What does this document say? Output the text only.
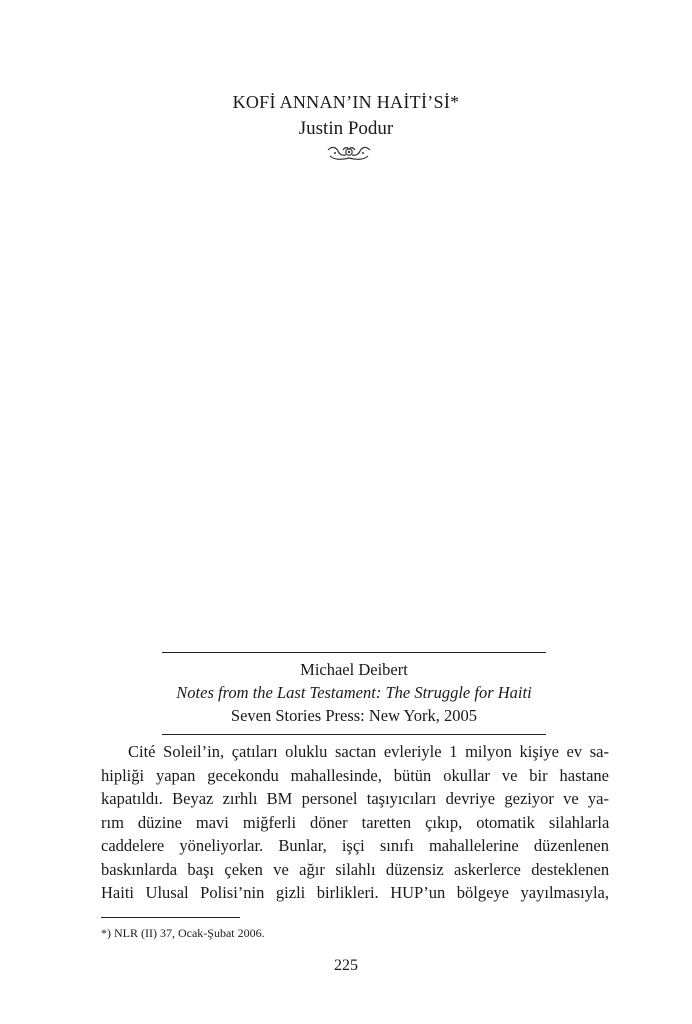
KOFİ ANNAN’IN HAİTİ’Sİ*
Justin Podur
Michael Deibert
Notes from the Last Testament: The Struggle for Haiti
Seven Stories Press: New York, 2005
Cité Soleil’in, çatıları oluklu sactan evleriyle 1 milyon kişiye ev sa-
hipliği yapan gecekondu mahallesinde, bütün okullar ve bir hastane
kapatıldı. Beyaz zırhlı BM personel taşıyıcıları devriye geziyor ve ya-
rım düzine mavi miğferli döner taretten çıkıp, otomatik silahlarla
caddelere yöneliyorlar. Bunlar, işçi sınıfı mahallelerine düzenlenen
baskınlarda başı çeken ve ağır silahlı düzensiz askerlerce desteklenen
Haiti Ulusal Polisi’nin gizli birlikleri. HUP’un bölgeye yayılmasıyla,
*) NLR (II) 37, Ocak-Şubat 2006.
225
